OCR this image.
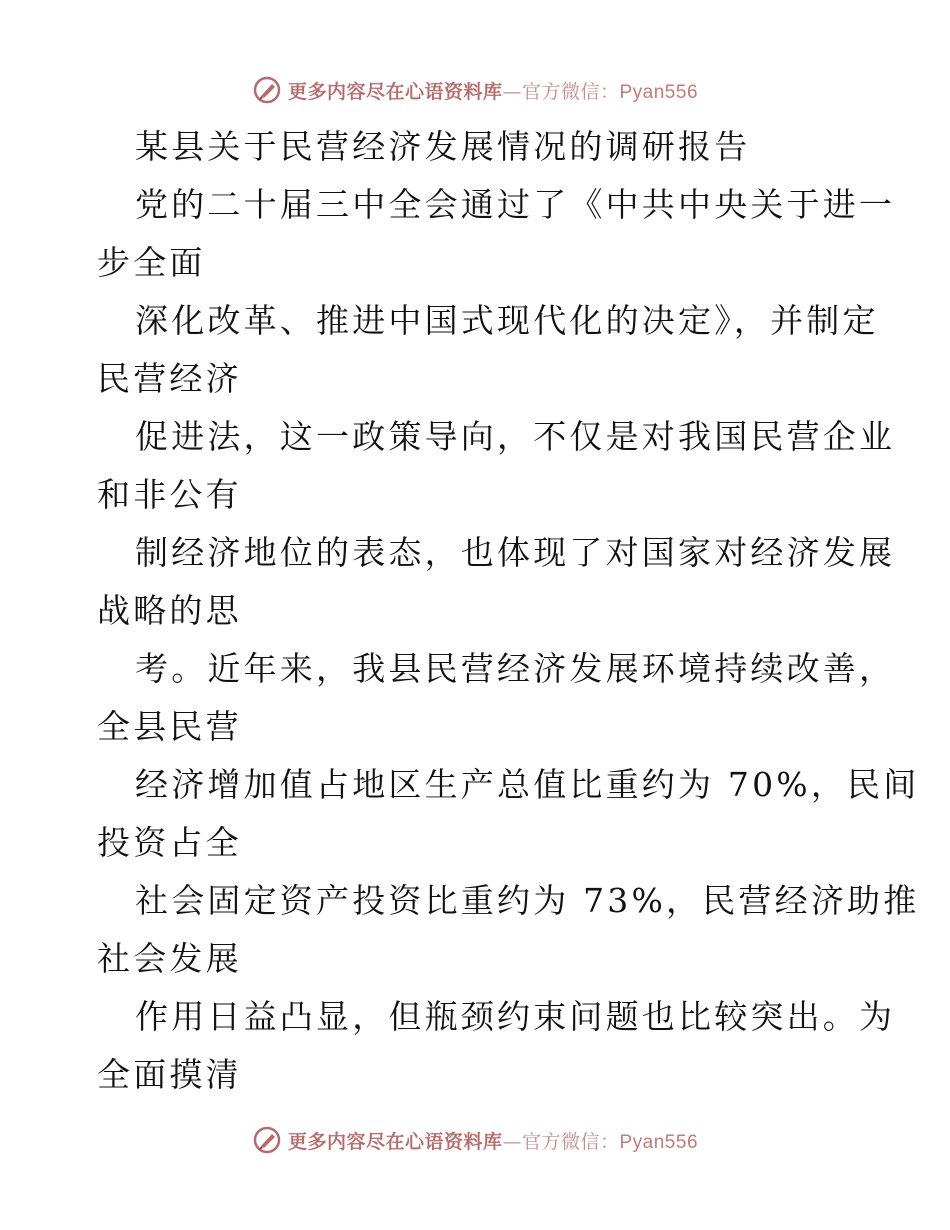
更多内容尽在心语资料库—官方微信：Pyan556
某县关于民营经济发展情况的调研报告
党的二十届三中全会通过了《中共中央关于进一
步全面
深化改革、推进中国式现代化的决定》，并制定
民营经济
促进法，这一政策导向，不仅是对我国民营企业
和非公有
制经济地位的表态，也体现了对国家对经济发展
战略的思
考。近年来，我县民营经济发展环境持续改善，
全县民营
经济增加值占地区生产总值比重约为 70%，民间
投资占全
社会固定资产投资比重约为 73%，民营经济助推
社会发展
作用日益凸显，但瓶颈约束问题也比较突出。为
全面摸清
更多内容尽在心语资料库—官方微信：Pyan556
